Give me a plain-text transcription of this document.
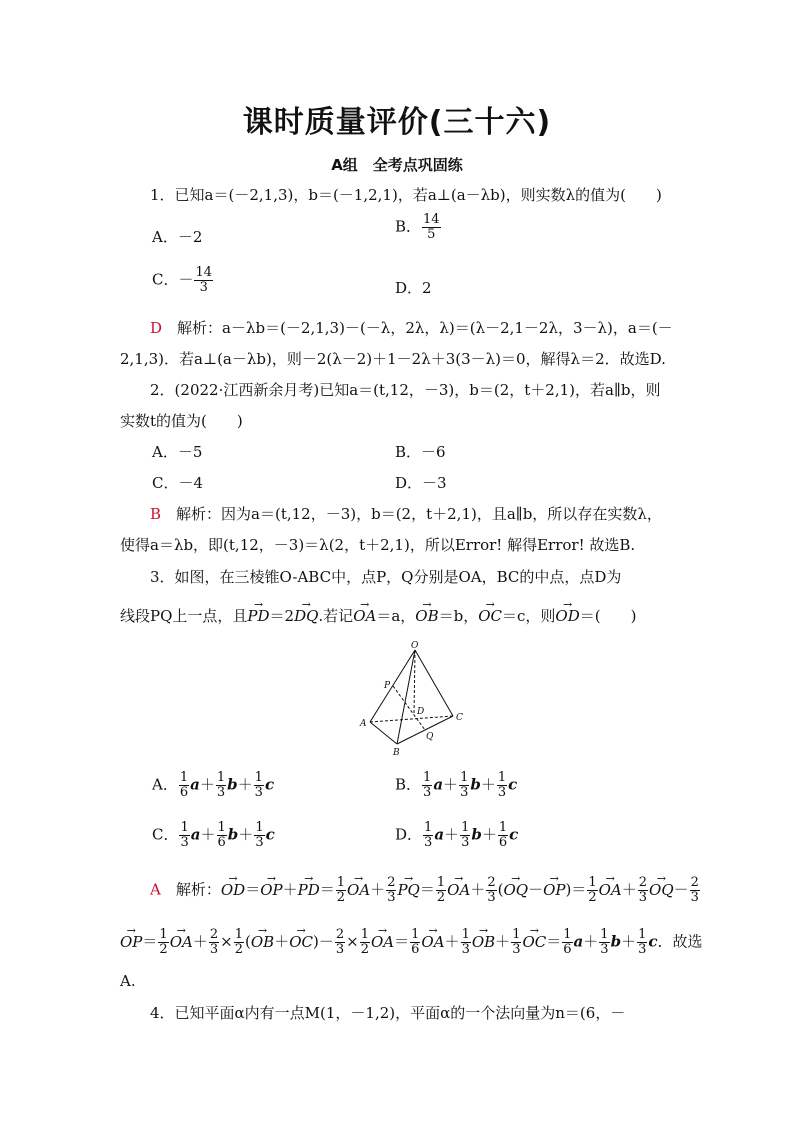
课时质量评价(三十六)
A组　全考点巩固练
1．已知a＝(－2,1,3)，b＝(－1,2,1)，若a⊥(a－λb)，则实数λ的值为(　　)
A．－2
B． $\frac{14}{5}$
C．－ $\frac{14}{3}$	D．2
D　解析：a－λb＝(－2,1,3)－(－λ，2λ，λ)＝(λ－2,1－2λ，3－λ)，a＝(－
2,1,3)．若a⊥(a－λb)，则－2(λ－2)＋1－2λ＋3(3－λ)＝0，解得λ＝2．故选D.
2．(2022·江西新余月考)已知a＝(t,12，－3)，b＝(2，t＋2,1)，若a∥b，则
实数t的值为(　　)
A．－5	B．－6
C．－4	D．－3
B　解析：因为a＝(t,12，－3)，b＝(2，t＋2,1)，且a∥b，所以存在实数λ，
使得a＝λb，即(t,12，－3)＝λ(2，t＋2,1)，所以Error! 解得Error! 故选B.
3．如图，在三棱锥O-ABC中，点P，Q分别是OA，BC的中点，点D为
线段PQ上一点，且→ PD＝2→ DQ.若记→ OA＝a，→ OB＝b，→ OC＝c，则→ OD＝(　　)
O
P
D
C
A
Q
B
A． $\frac{1}{6} a+ \frac{1}{3} b+ \frac{1}{3}$ c	B． $\frac{1}{3} a+ \frac{1}{3} b+ \frac{1}{3}$ c
C． $\frac{1}{3} a+ \frac{1}{6} b+ \frac{1}{3}$ c	D． $\frac{1}{3} a+ \frac{1}{3} b+ \frac{1}{6}$ c
A　解析：→ $OD=\to OP+\to PD= \frac{1}{2}$
→ $OA+ \frac{2}{3}$
→ $PQ= \frac{1}{2}$
→ $OA+ \frac{2}{3}$ (→ $OQ-\to OP)= \frac{1}{2}$
→ $OA+ \frac{2}{3}$
→ $OQ- \frac{2}{3}$
→ $OP= \frac{1}{2}$
→ $OA+ \frac{2}{3} \times \frac{1}{2}$ (→ $OB+\to OC)- \frac{2}{3} \times \frac{1}{2}$
→ $OA= \frac{1}{6}$
→ $OA+ \frac{1}{3}$
→ $OB+ \frac{1}{3}$
→ $OC= \frac{1}{6} a+ \frac{1}{3} b+ \frac{1}{3}$ c．故选
A.
4．已知平面α内有一点M(1，－1,2)，平面α的一个法向量为n＝(6，－
